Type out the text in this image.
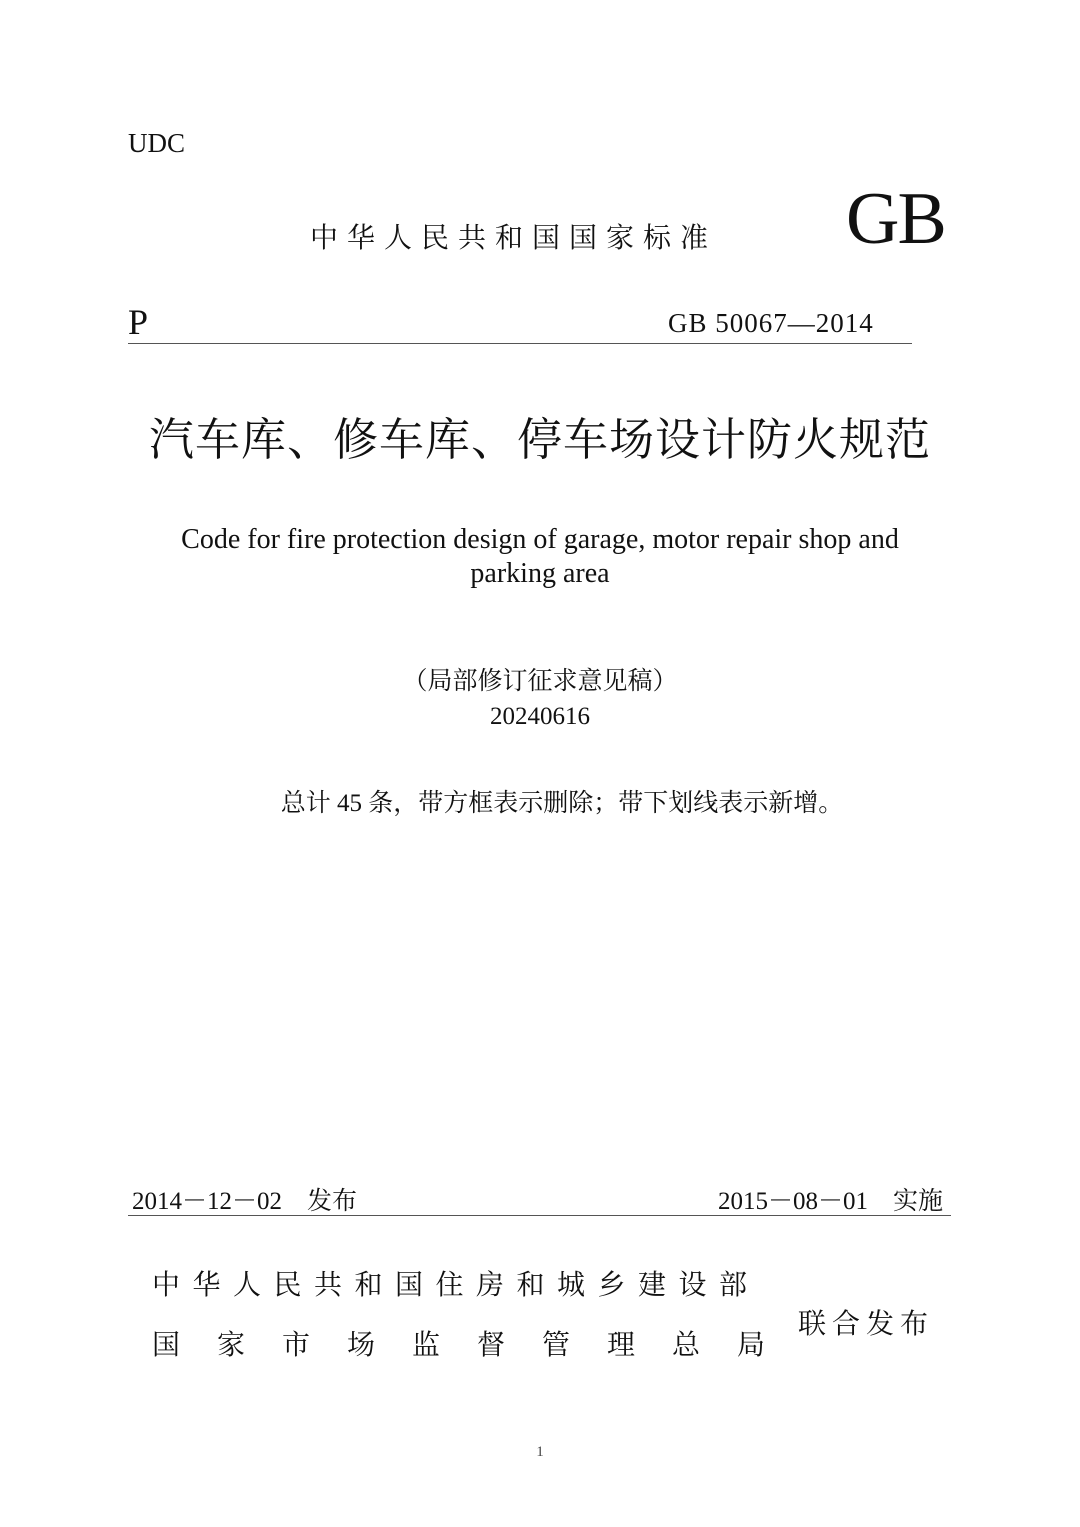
UDC
中华人民共和国国家标准 GB
P	GB 50067—2014
汽车库、修车库、停车场设计防火规范
Code for fire protection design of garage, motor repair shop and parking area
（局部修订征求意见稿）
20240616
总计 45 条，带方框表示删除；带下划线表示新增。
2014－12－02　发布	2015－08－01　实施
中华人民共和国住房和城乡建设部
国家市场监督管理总局
联合发布
1
